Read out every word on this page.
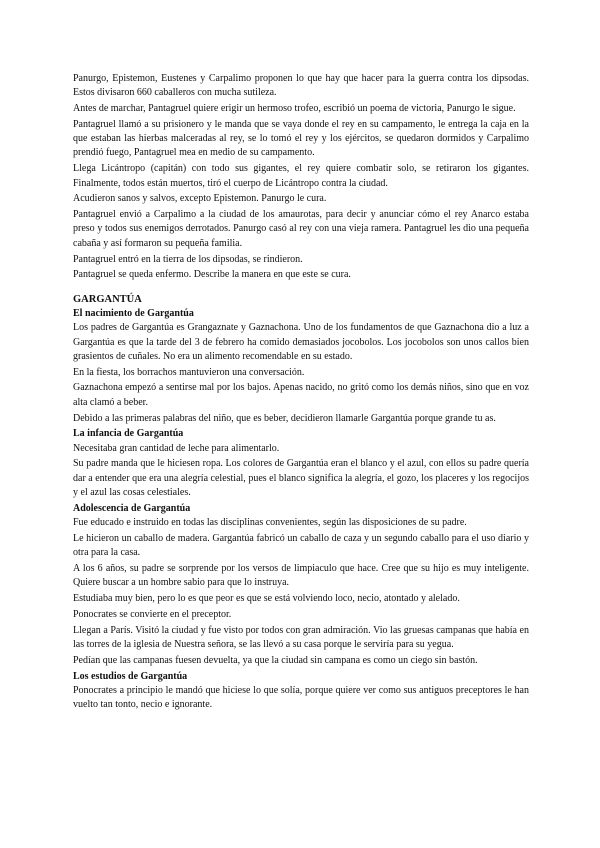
Panurgo, Epistemon, Eustenes y Carpalimo proponen lo que hay que hacer para la guerra contra los dipsodas. Estos divisaron 660 caballeros con mucha sutileza.

Antes de marchar, Pantagruel quiere erigir un hermoso trofeo, escribió un poema de victoria, Panurgo le sigue.

Pantagruel llamó a su prisionero y le manda que se vaya donde el rey en su campamento, le entrega la caja en la que estaban las hierbas malceradas al rey, se lo tomó el rey y los ejércitos, se quedaron dormidos y Carpalimo prendió fuego, Pantagruel mea en medio de su campamento.

Llega Licántropo (capitán) con todo sus gigantes, el rey quiere combatir solo, se retiraron los gigantes. Finalmente, todos están muertos, tiró el cuerpo de Licántropo contra la ciudad.

Acudieron sanos y salvos, excepto Epistemon. Panurgo le cura.

Pantagruel envió a Carpalimo a la ciudad de los amaurotas, para decir y anunciar cómo el rey Anarco estaba preso y todos sus enemigos derrotados. Panurgo casó al rey con una vieja ramera. Pantagruel les dio una pequeña cabaña y así formaron su pequeña familia.

Pantagruel entró en la tierra de los dipsodas, se rindieron.

Pantagruel se queda enfermo. Describe la manera en que este se cura.

GARGANTÚA
El nacimiento de Gargantúa

Los padres de Gargantúa es Grangaznate y Gaznachona. Uno de los fundamentos de que Gaznachona dio a luz a Gargantúa es que la tarde del 3 de febrero ha comido demasiados jocobolos. Los jocobolos son unos callos bien grasientos de cuñales. No era un alimento recomendable en su estado.

En la fiesta, los borrachos mantuvieron una conversación.

Gaznachona empezó a sentirse mal por los bajos. Apenas nacido, no gritó como los demás niños, sino que en voz alta clamó a beber.

Debido a las primeras palabras del niño, que es beber, decidieron llamarle Gargantúa porque grande tu as.

La infancia de Gargantúa

Necesitaba gran cantidad de leche para alimentarlo.

Su padre manda que le hiciesen ropa. Los colores de Gargantúa eran el blanco y el azul, con ellos su padre quería dar a entender que era una alegría celestial, pues el blanco significa la alegría, el gozo, los placeres y los regocijos y el azul las cosas celestiales.

Adolescencia de Gargantúa

Fue educado e instruido en todas las disciplinas convenientes, según las disposiciones de su padre.

Le hicieron un caballo de madera. Gargantúa fabricó un caballo de caza y un segundo caballo para el uso diario y otra para la casa.

A los 6 años, su padre se sorprende por los versos de limpiaculo que hace. Cree que su hijo es muy inteligente. Quiere buscar a un hombre sabio para que lo instruya.

Estudiaba muy bien, pero lo es que peor es que se está volviendo loco, necio, atontado y alelado.

Ponocrates se convierte en el preceptor.

Llegan a París. Visitó la ciudad y fue visto por todos con gran admiración. Vio las gruesas campanas que había en las torres de la iglesia de Nuestra señora, se las llevó a su casa porque le serviría para su yegua.

Pedían que las campanas fuesen devuelta, ya que la ciudad sin campana es como un ciego sin bastón.

Los estudios de Gargantúa

Ponocrates a principio le mandó que hiciese lo que solía, porque quiere ver como sus antiguos preceptores le han vuelto tan tonto, necio e ignorante.
